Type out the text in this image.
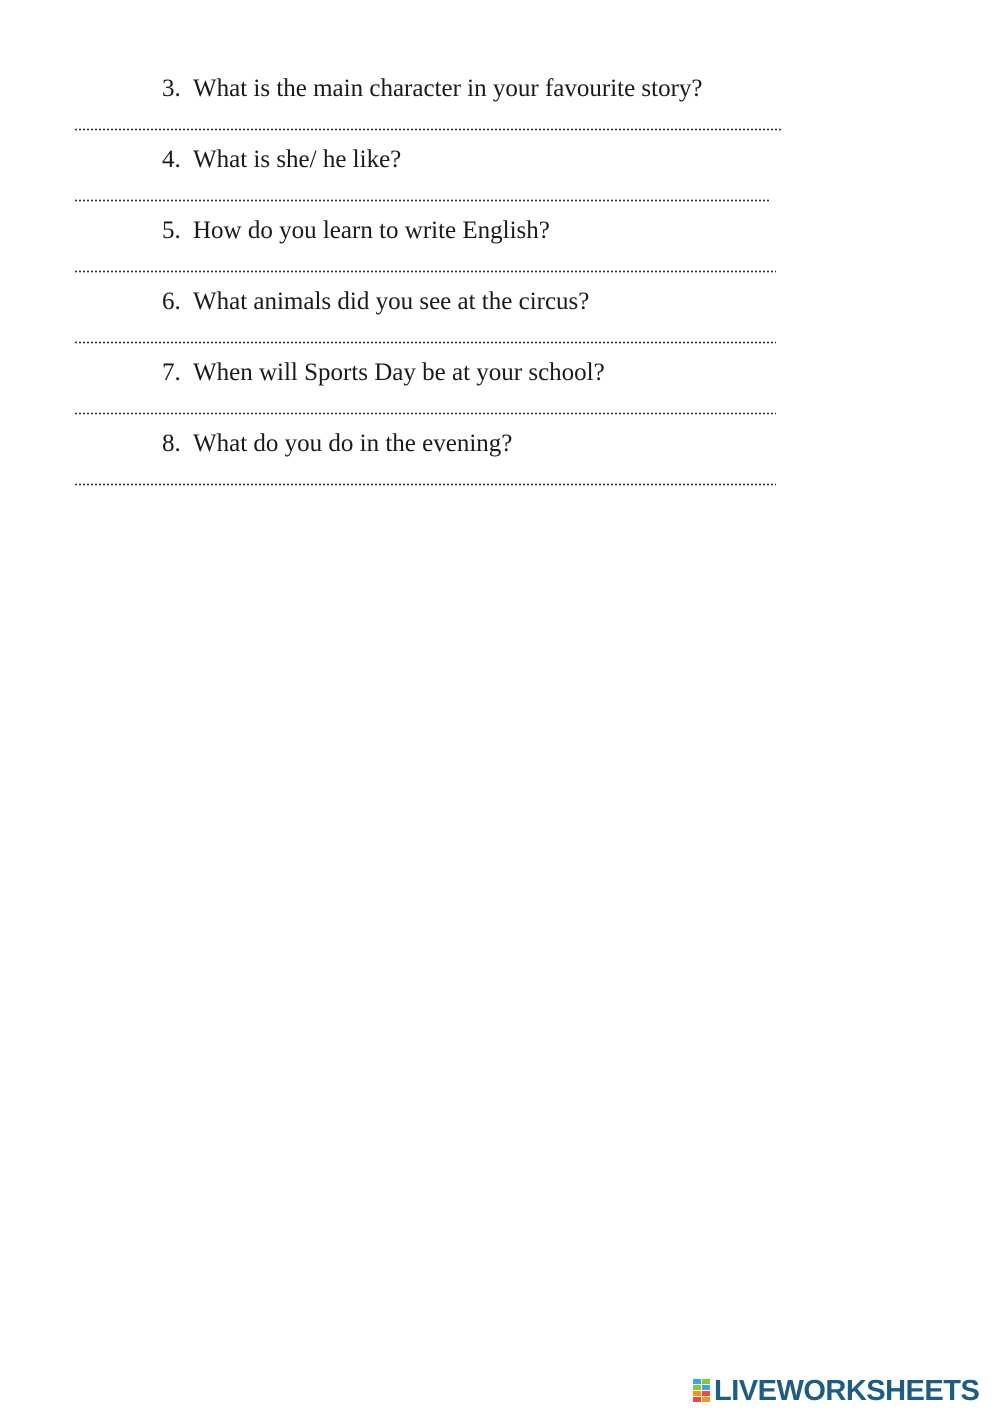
3. What is the main character in your favourite story?
4. What is she/ he like?
5. How do you learn to write English?
6. What animals did you see at the circus?
7. When will Sports Day be at your school?
8. What do you do in the evening?
LIVEWORKSHEETS
